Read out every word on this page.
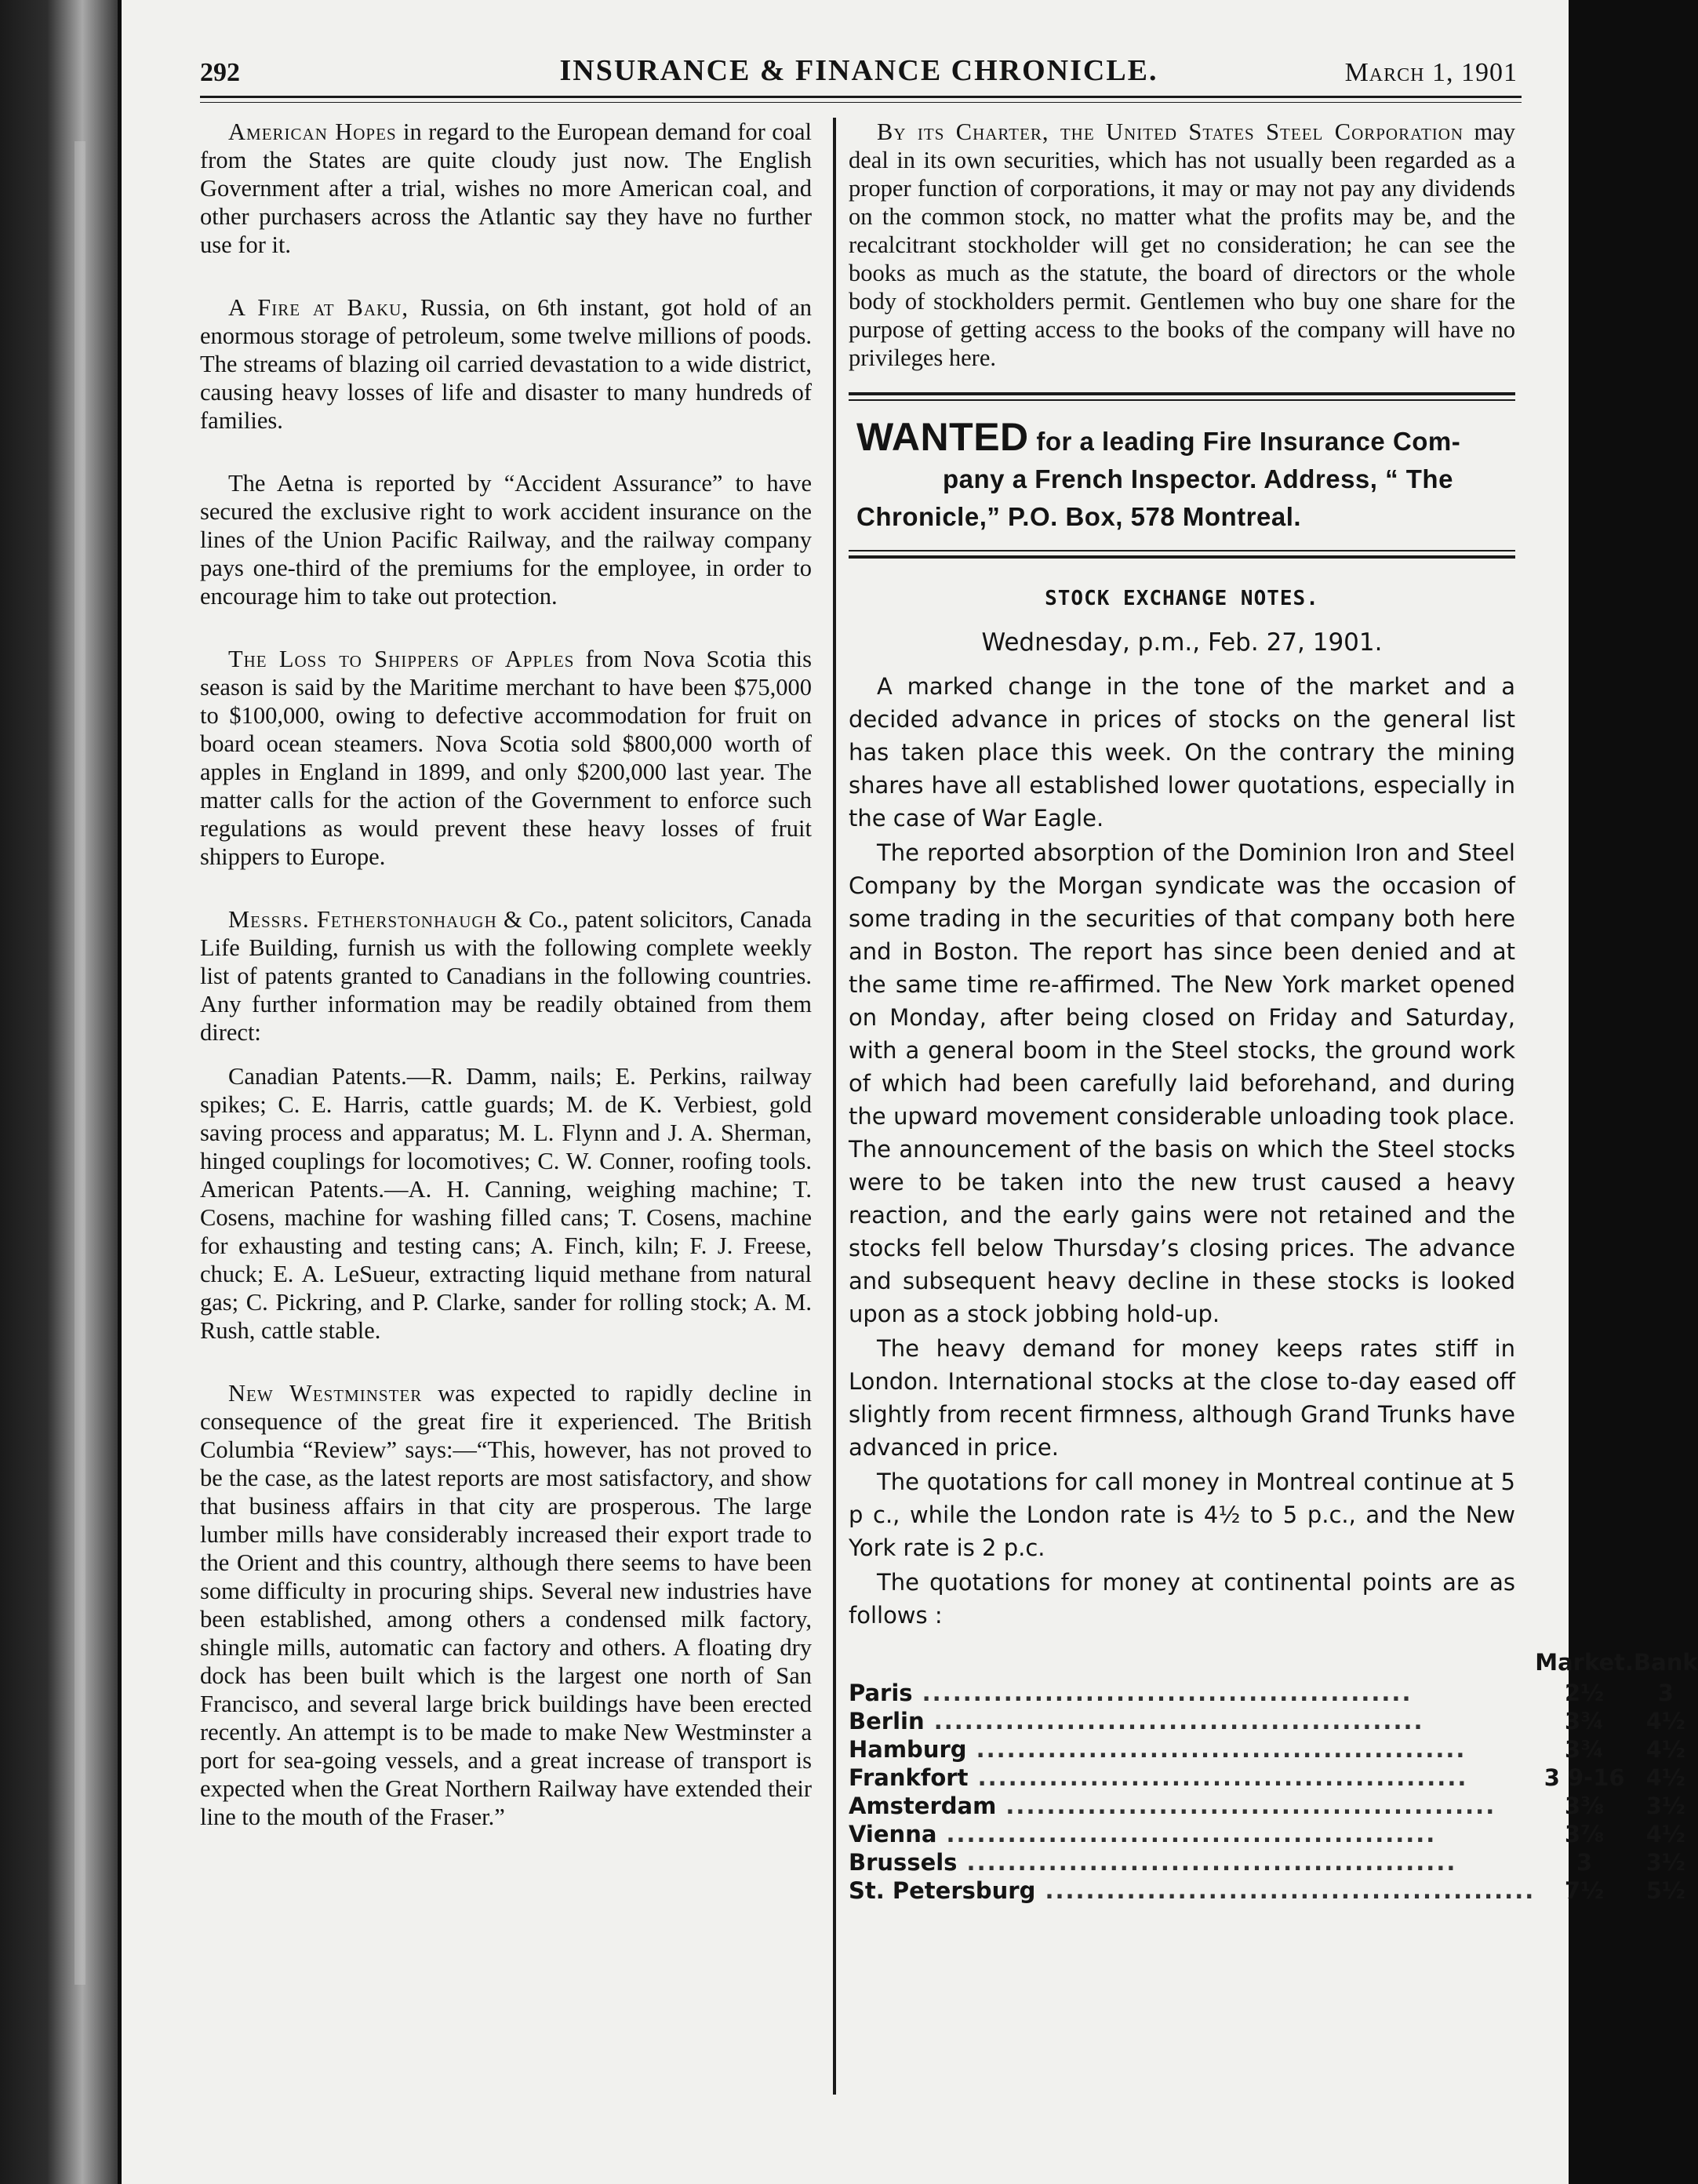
292	INSURANCE & FINANCE CHRONICLE.	March 1, 1901

American Hopes in regard to the European demand for coal from the States are quite cloudy just now. The English Government after a trial, wishes no more American coal, and other purchasers across the Atlantic say they have no further use for it.

A Fire at Baku, Russia, on 6th instant, got hold of an enormous storage of petroleum, some twelve millions of poods. The streams of blazing oil carried devastation to a wide district, causing heavy losses of life and disaster to many hundreds of families.

The Aetna is reported by “Accident Assurance” to have secured the exclusive right to work accident insurance on the lines of the Union Pacific Railway, and the railway company pays one-third of the premiums for the employee, in order to encourage him to take out protection.

The Loss to Shippers of Apples from Nova Scotia this season is said by the Maritime merchant to have been $75,000 to $100,000, owing to defective accommodation for fruit on board ocean steamers. Nova Scotia sold $800,000 worth of apples in England in 1899, and only $200,000 last year. The matter calls for the action of the Government to enforce such regulations as would prevent these heavy losses of fruit shippers to Europe.

Messrs. Fetherstonhaugh & Co., patent solicitors, Canada Life Building, furnish us with the following complete weekly list of patents granted to Canadians in the following countries. Any further information may be readily obtained from them direct:

Canadian Patents.—R. Damm, nails; E. Perkins, railway spikes; C. E. Harris, cattle guards; M. de K. Verbiest, gold saving process and apparatus; M. L. Flynn and J. A. Sherman, hinged couplings for locomotives; C. W. Conner, roofing tools. American Patents.—A. H. Canning, weighing machine; T. Cosens, machine for washing filled cans; T. Cosens, machine for exhausting and testing cans; A. Finch, kiln; F. J. Freese, chuck; E. A. LeSueur, extracting liquid methane from natural gas; C. Pickring, and P. Clarke, sander for rolling stock; A. M. Rush, cattle stable.

New Westminster was expected to rapidly decline in consequence of the great fire it experienced. The British Columbia “Review” says:—“This, however, has not proved to be the case, as the latest reports are most satisfactory, and show that business affairs in that city are prosperous. The large lumber mills have considerably increased their export trade to the Orient and this country, although there seems to have been some difficulty in procuring ships. Several new industries have been established, among others a condensed milk factory, shingle mills, automatic can factory and others. A floating dry dock has been built which is the largest one north of San Francisco, and several large brick buildings have been erected recently. An attempt is to be made to make New Westminster a port for sea-going vessels, and a great increase of transport is expected when the Great Northern Railway have extended their line to the mouth of the Fraser.”

By its Charter, the United States Steel Corporation may deal in its own securities, which has not usually been regarded as a proper function of corporations, it may or may not pay any dividends on the common stock, no matter what the profits may be, and the recalcitrant stockholder will get no consideration; he can see the books as much as the statute, the board of directors or the whole body of stockholders permit. Gentlemen who buy one share for the purpose of getting access to the books of the company will have no privileges here.

WANTED for a leading Fire Insurance Com-
pany a French Inspector. Address, “ The
Chronicle,” P.O. Box, 578 Montreal.
STOCK EXCHANGE NOTES.
Wednesday, p.m., Feb. 27, 1901.

A marked change in the tone of the market and a decided advance in prices of stocks on the general list has taken place this week. On the contrary the mining shares have all established lower quotations, especially in the case of War Eagle.

The reported absorption of the Dominion Iron and Steel Company by the Morgan syndicate was the occasion of some trading in the securities of that company both here and in Boston. The report has since been denied and at the same time re-affirmed. The New York market opened on Monday, after being closed on Friday and Saturday, with a general boom in the Steel stocks, the ground work of which had been carefully laid beforehand, and during the upward movement considerable unloading took place. The announcement of the basis on which the Steel stocks were to be taken into the new trust caused a heavy reaction, and the early gains were not retained and the stocks fell below Thursday’s closing prices. The advance and subsequent heavy decline in these stocks is looked upon as a stock jobbing hold-up.

The heavy demand for money keeps rates stiff in London. International stocks at the close to-day eased off slightly from recent firmness, although Grand Trunks have advanced in price.

The quotations for call money in Montreal continue at 5 p c., while the London rate is 4½ to 5 p.c., and the New York rate is 2 p.c.

The quotations for money at continental points are as follows :

	Market.	Bank
Paris ................................................	2½	3
Berlin ................................................	3¾	4½
Hamburg ................................................	3¾	4½
Frankfort ................................................	3 9-16	4½
Amsterdam ................................................	3⅜	3½
Vienna ................................................	3⅞	4½
Brussels ................................................	3	3½
St. Petersburg ................................................	7½	5½
